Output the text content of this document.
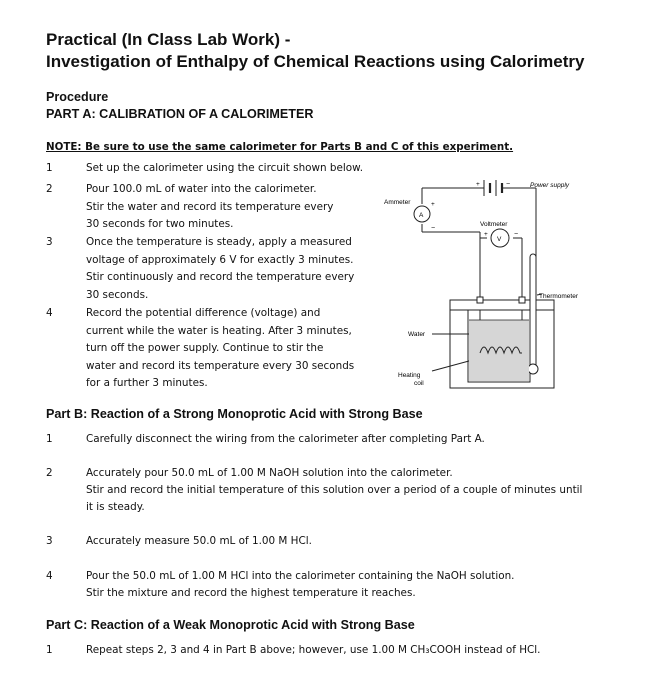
Practical (In Class Lab Work) -
Investigation of Enthalpy of Chemical Reactions using Calorimetry
Procedure
PART A: CALIBRATION OF A CALORIMETER
NOTE: Be sure to use the same calorimeter for Parts B and C of this experiment.
1	Set up the calorimeter using the circuit shown below.
2	Pour 100.0 mL of water into the calorimeter.
Stir the water and record its temperature every
30 seconds for two minutes.
3	Once the temperature is steady, apply a measured
voltage of approximately 6 V for exactly 3 minutes.
Stir continuously and record the temperature every
30 seconds.
4	Record the potential difference (voltage) and
current while the water is heating. After 3 minutes,
turn off the power supply. Continue to stir the
water and record its temperature every 30 seconds
for a further 3 minutes.
Ammeter
A
+
−
Voltmeter
V
+	−
+	−	Power supply
Thermometer
Water
Heating
coil
Part B: Reaction of a Strong Monoprotic Acid with Strong Base
1	Carefully disconnect the wiring from the calorimeter after completing Part A.
2	Accurately pour 50.0 mL of 1.00 M NaOH solution into the calorimeter.
Stir and record the initial temperature of this solution over a period of a couple of minutes until
it is steady.
3	Accurately measure 50.0 mL of 1.00 M HCl.
4	Pour the 50.0 mL of 1.00 M HCl into the calorimeter containing the NaOH solution.
Stir the mixture and record the highest temperature it reaches.
Part C: Reaction of a Weak Monoprotic Acid with Strong Base
1	Repeat steps 2, 3 and 4 in Part B above; however, use 1.00 M CH₃COOH instead of HCl.
